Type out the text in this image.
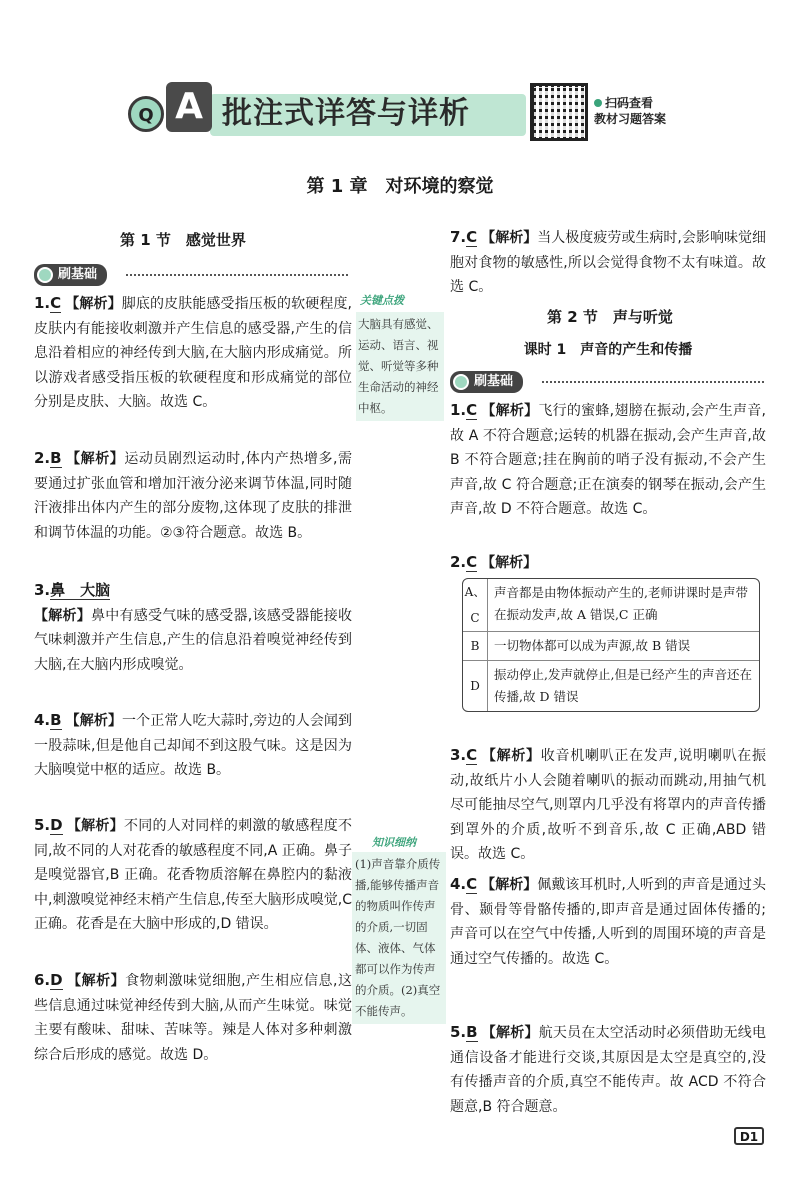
Q A 批注式详答与详析	扫码查看
教材习题答案
第 1 章　对环境的察觉
第 1 节　感觉世界
刷基础
1.C 【解析】脚底的皮肤能感受指压板的软硬程度,皮肤内有能接收刺激并产生信息的感受器,产生的信息沿着相应的神经传到大脑,在大脑内形成痛觉。所以游戏者感受指压板的软硬程度和形成痛觉的部位分别是皮肤、大脑。故选 C。
2.B 【解析】运动员剧烈运动时,体内产热增多,需要通过扩张血管和增加汗液分泌来调节体温,同时随汗液排出体内产生的部分废物,这体现了皮肤的排泄和调节体温的功能。②③符合题意。故选 B。
3.鼻　大脑
【解析】鼻中有感受气味的感受器,该感受器能接收气味刺激并产生信息,产生的信息沿着嗅觉神经传到大脑,在大脑内形成嗅觉。
4.B 【解析】一个正常人吃大蒜时,旁边的人会闻到一股蒜味,但是他自己却闻不到这股气味。这是因为大脑嗅觉中枢的适应。故选 B。
5.D 【解析】不同的人对同样的刺激的敏感程度不同,故不同的人对花香的敏感程度不同,A 正确。鼻子是嗅觉器官,B 正确。花香物质溶解在鼻腔内的黏液中,刺激嗅觉神经末梢产生信息,传至大脑形成嗅觉,C 正确。花香是在大脑中形成的,D 错误。
6.D 【解析】食物刺激味觉细胞,产生相应信息,这些信息通过味觉神经传到大脑,从而产生味觉。味觉主要有酸味、甜味、苦味等。辣是人体对多种刺激综合后形成的感觉。故选 D。
关键点拨
大脑具有感觉、运动、语言、视觉、听觉等多种生命活动的神经中枢。
知识细纳
(1)声音靠介质传播,能够传播声音的物质叫作传声的介质,一切固体、液体、气体都可以作为传声的介质。(2)真空不能传声。
7.C 【解析】当人极度疲劳或生病时,会影响味觉细胞对食物的敏感性,所以会觉得食物不太有味道。故选 C。
第 2 节　声与听觉
课时 1　声音的产生和传播
刷基础
1.C 【解析】飞行的蜜蜂,翅膀在振动,会产生声音,故 A 不符合题意;运转的机器在振动,会产生声音,故 B 不符合题意;挂在胸前的哨子没有振动,不会产生声音,故 C 符合题意;正在演奏的钢琴在振动,会产生声音,故 D 不符合题意。故选 C。
2.C 【解析】
A、C
声音都是由物体振动产生的,老师讲课时是声带在振动发声,故 A 错误,C 正确
B	一切物体都可以成为声源,故 B 错误
D
振动停止,发声就停止,但是已经产生的声音还在传播,故 D 错误
3.C 【解析】收音机喇叭正在发声,说明喇叭在振动,故纸片小人会随着喇叭的振动而跳动,用抽气机尽可能抽尽空气,则罩内几乎没有将罩内的声音传播到罩外的介质,故听不到音乐,故 C 正确,ABD 错误。故选 C。
4.C 【解析】佩戴该耳机时,人听到的声音是通过头骨、颞骨等骨骼传播的,即声音是通过固体传播的;声音可以在空气中传播,人听到的周围环境的声音是通过空气传播的。故选 C。
5.B 【解析】航天员在太空活动时必须借助无线电通信设备才能进行交谈,其原因是太空是真空的,没有传播声音的介质,真空不能传声。故 ACD 不符合题意,B 符合题意。
D1
